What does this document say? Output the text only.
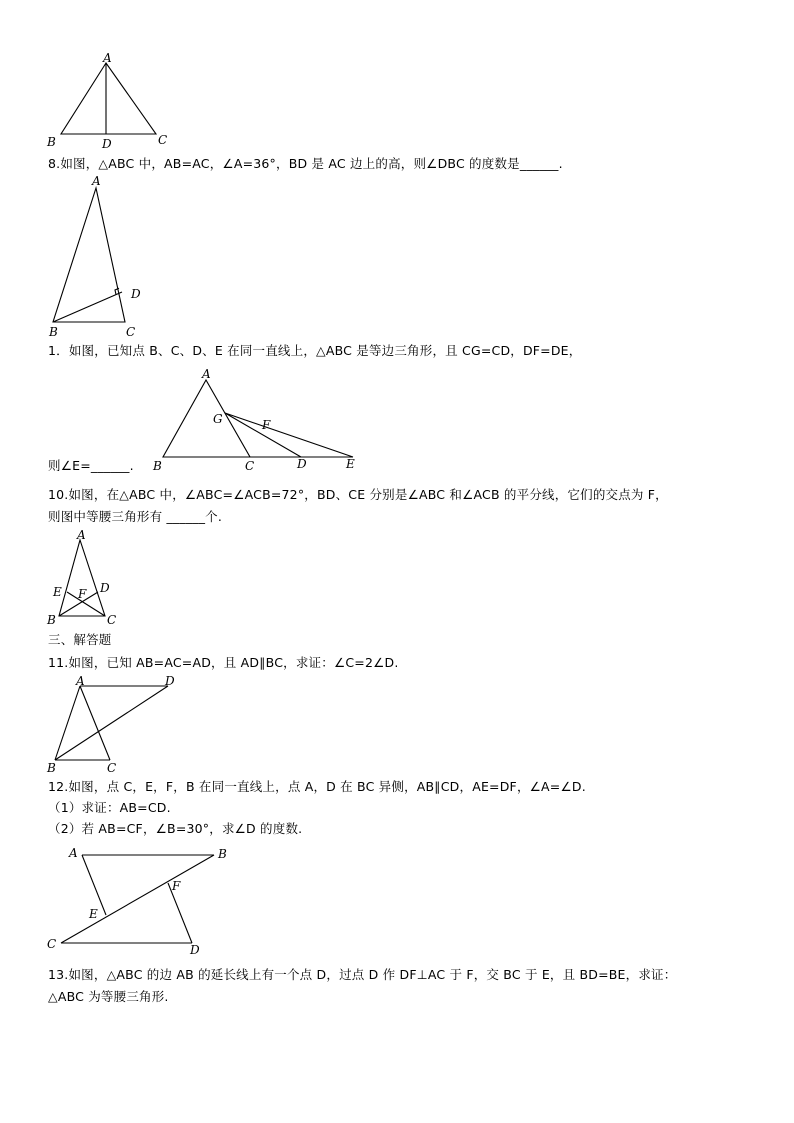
A
B	D	C
8.如图，△ABC 中，AB=AC，∠A=36°，BD 是 AC 边上的高，则∠DBC 的度数是______.
A
D
B	C
1．如图，已知点 B、C、D、E 在同一直线上，△ABC 是等边三角形，且 CG=CD，DF=DE，
A
G	F
B	C	D	E
则∠E=______.
10.如图，在△ABC 中，∠ABC=∠ACB=72°，BD、CE 分别是∠ABC 和∠ACB 的平分线，它们的交点为 F，
则图中等腰三角形有 ______个.
A
E	D
F
B	C
三、解答题
11.如图，已知 AB=AC=AD，且 AD∥BC，求证：∠C=2∠D.
A	D
B	C
12.如图，点 C，E，F，B 在同一直线上，点 A，D 在 BC 异侧，AB∥CD，AE=DF，∠A=∠D.
（1）求证：AB=CD.
（2）若 AB=CF，∠B=30°，求∠D 的度数.
A	B
F
E
C	D
13.如图，△ABC 的边 AB 的延长线上有一个点 D，过点 D 作 DF⊥AC 于 F，交 BC 于 E，且 BD=BE，求证：
△ABC 为等腰三角形.
